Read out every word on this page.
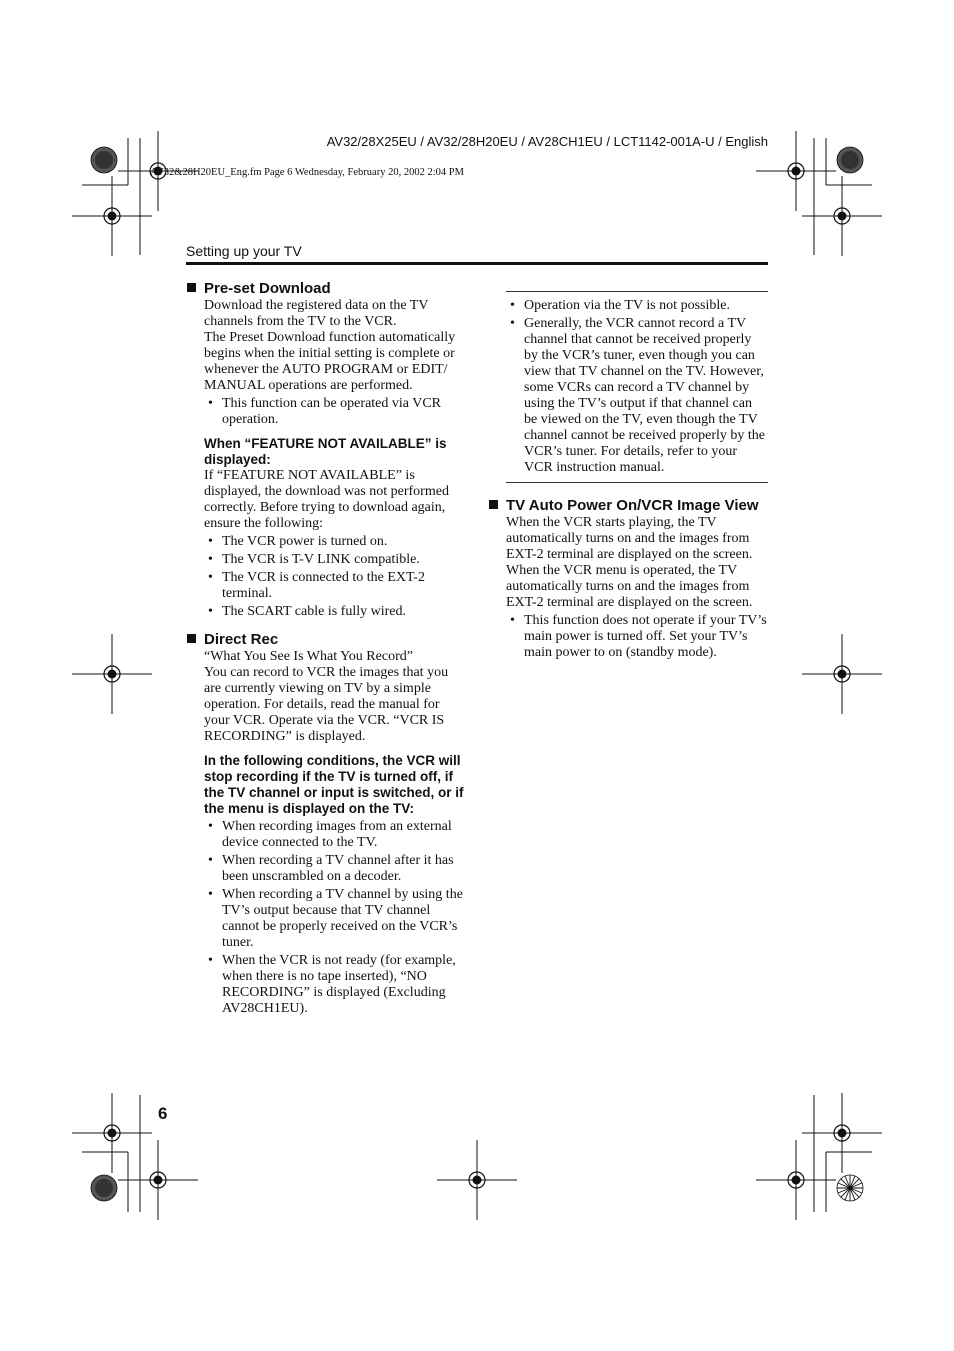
AV32/28X25EU / AV32/28H20EU / AV28CH1EU / LCT1142-001A-U / English
AV32&28H20EU_Eng.fm Page 6 Wednesday, February 20, 2002 2:04 PM
Setting up your TV
Pre-set Download

Download the registered data on the TV channels from the TV to the VCR.

The Preset Download function automatically begins when the initial setting is complete or whenever the AUTO PROGRAM or EDIT/ MANUAL operations are performed.

• This function can be operated via VCR operation.
When “FEATURE NOT AVAILABLE” is displayed:

If “FEATURE NOT AVAILABLE” is displayed, the download was not performed correctly. Before trying to download again, ensure the following:

• The VCR power is turned on.
• The VCR is T-V LINK compatible.
• The VCR is connected to the EXT-2 terminal.
• The SCART cable is fully wired.
Direct Rec

“What You See Is What You Record”

You can record to VCR the images that you are currently viewing on TV by a simple operation. For details, read the manual for your VCR. Operate via the VCR. “VCR IS RECORDING” is displayed.

In the following conditions, the VCR will stop recording if the TV is turned off, if the TV channel or input is switched, or if the menu is displayed on the TV:
• When recording images from an external device connected to the TV.
• When recording a TV channel after it has been unscrambled on a decoder.
• When recording a TV channel by using the TV’s output because that TV channel cannot be properly received on the VCR’s tuner.
• When the VCR is not ready (for example, when there is no tape inserted), “NO RECORDING” is displayed (Excluding AV28CH1EU).
• Operation via the TV is not possible.
• Generally, the VCR cannot record a TV channel that cannot be received properly by the VCR’s tuner, even though you can view that TV channel on the TV. However, some VCRs can record a TV channel by using the TV’s output if that channel can be viewed on the TV, even though the TV channel cannot be received properly by the VCR’s tuner. For details, refer to your VCR instruction manual.
TV Auto Power On/VCR Image View

When the VCR starts playing, the TV automatically turns on and the images from EXT-2 terminal are displayed on the screen.

When the VCR menu is operated, the TV automatically turns on and the images from EXT-2 terminal are displayed on the screen.

• This function does not operate if your TV’s main power is turned off. Set your TV’s main power to on (standby mode).
6
